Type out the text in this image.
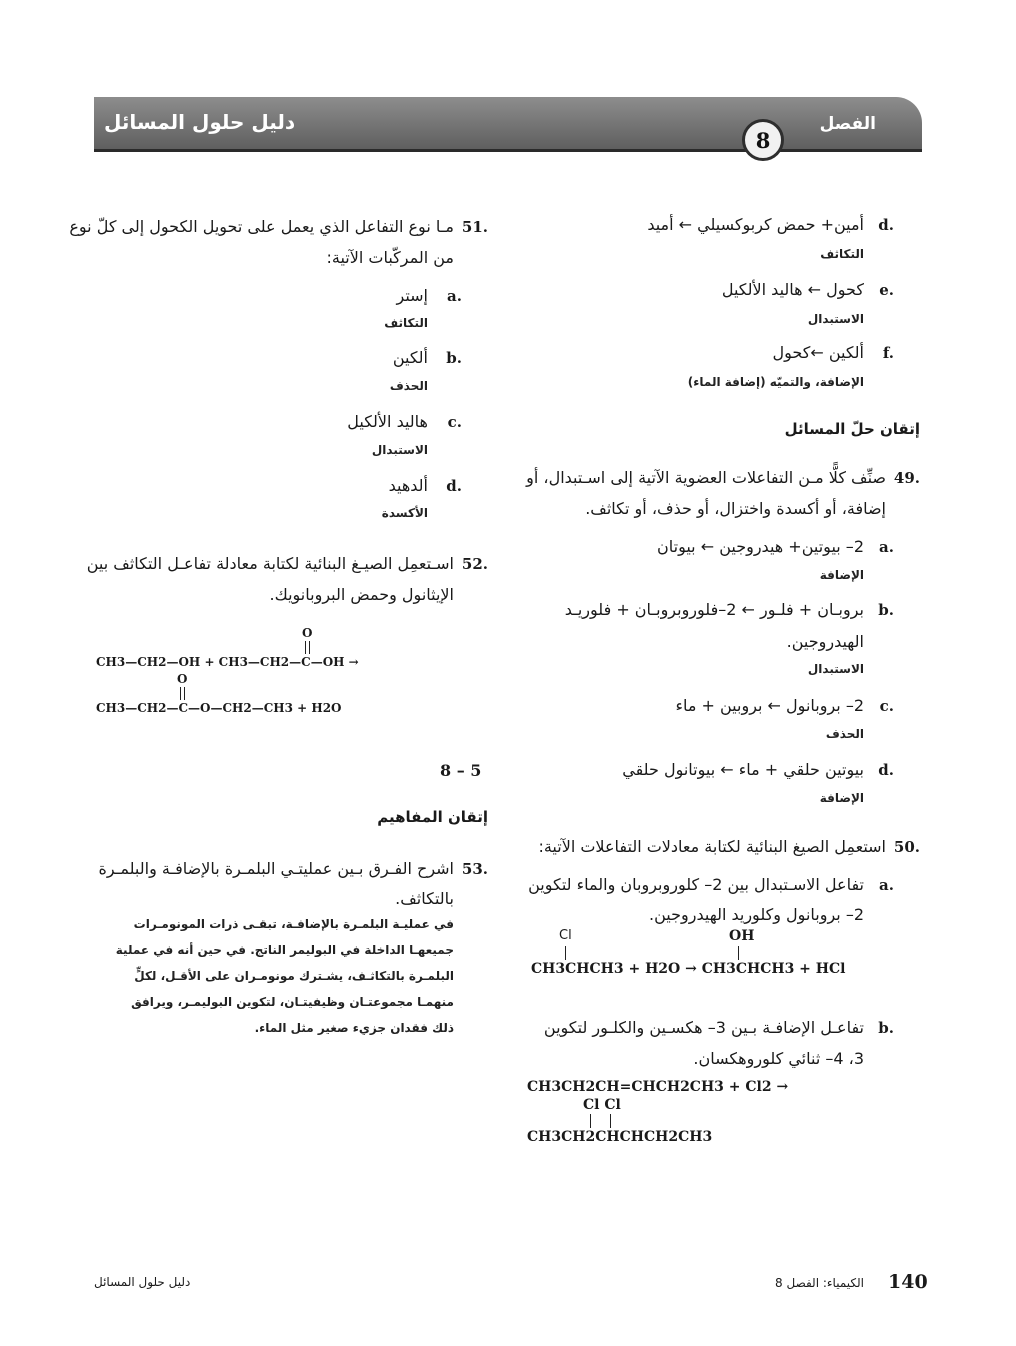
دليل حلول المسائل	الفصل
8
d.
أمين+ حمض كربوكسيلي ← أميد
التكاثف
e.
كحول ← هاليد الألكيل
الاستبدال
f.
ألكين ←كحول
الإضافة، والتميّه (إضافة الماء)
إتقان حلّ المسائل
49.
صنِّف كلًّا مـن التفاعلات العضوية الآتية إلى اسـتبدال، أو
إضافة، أو أكسدة واختزال، أو حذف، أو تكاثف.
a.
2– بيوتين+ هيدروجين ← بيوتان
الإضافة
b.
بروبـان + فلـور ← 2–فلوروبروبـان + فلوريـد
الهيدروجين.
الاستبدال
c.
2– بروبانول ← بروبين + ماء
الحذف
d.
بيوتين حلقي + ماء ← بيوتانول حلقي
الإضافة
50.
استعمِل الصيغ البنائية لكتابة معادلات التفاعلات الآتية:
a.
تفاعل الاسـتبدال بين 2– كلوروبروبان والماء لتكوين
2– بروبانول وكلوريد الهيدروجين.
Cl	OH
CH3CHCH3 + H2O → CH3CHCH3 + HCl
b.
تفاعـل الإضافـة بـين 3– هكسـين والكلـور لتكوين
3، 4– ثنائي كلوروهكسان.
CH3CH2CH=CHCH2CH3 + Cl2 →
Cl Cl
CH3CH2CHCHCH2CH3
51.
مـا نوع التفاعل الذي يعمل على تحويل الكحول إلى كلّ نوع
من المركّبات الآتية:
a.
إستر
التكاثف
b.
ألكين
الحذف
c.
هاليد الألكيل
الاستبدال
d.
ألدهيد
الأكسدة
52.
اسـتعمِل الصيـغ البنائية لكتابة معادلة تفاعـل التكاثف بين
الإيثانول وحمض البروبانويك.
O
CH3—CH2—OH + CH3—CH2—C—OH →
O
CH3—CH2—C—O—CH2—CH3 + H2O
8 – 5
إتقان المفاهيم
53.
اشرح الفـرق بـين عمليتـي البلمـرة بالإضافـة والبلمـرة
بالتكاثف.
في عمليـة البلمـرة بالإضافـة، تبقـى ذرات المونومـرات
جميعهـا الداخلة في البوليمر الناتج. في حين أنه في عملية
البلمـرة بالتكاثـف، يشـترك مونومـران على الأقـل، لكلٍّ
منهمـا مجموعتـان وظيفيتـان، لتكوين البوليمـر، ويرافق
ذلك فقدان جزيء صغير مثل الماء.
140
الكيمياء: الفصل 8
دليل حلول المسائل
